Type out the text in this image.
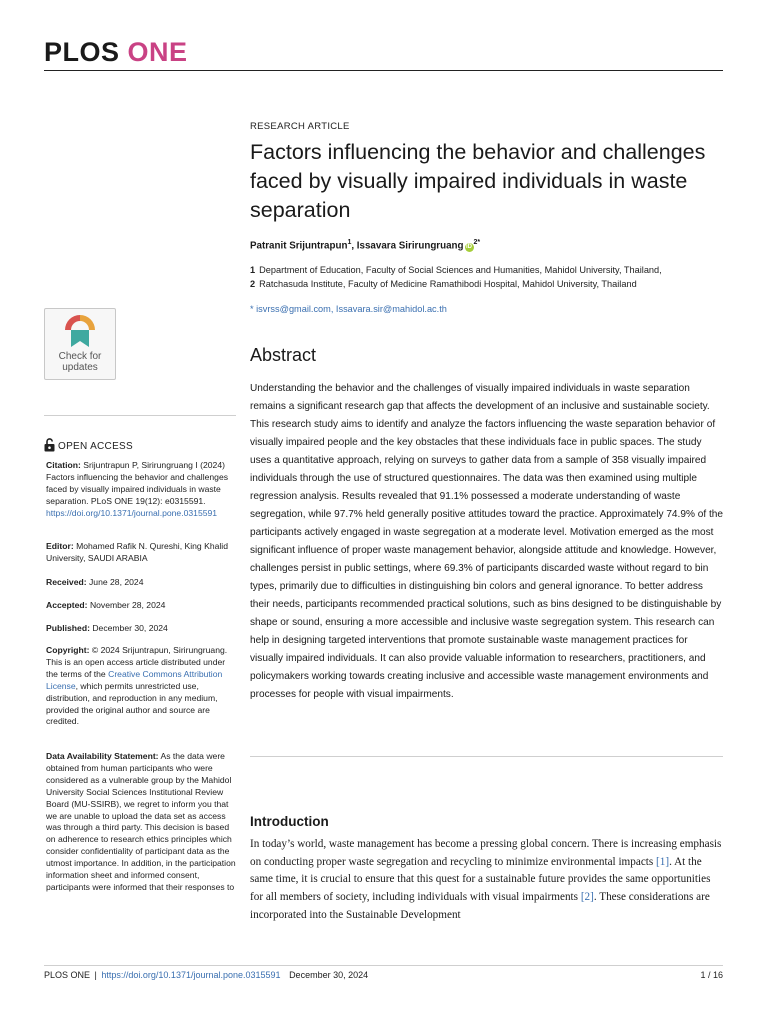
PLOS ONE
Check for
updates
OPEN ACCESS
Citation: Srijuntrapun P, Sirirungruang I (2024) Factors influencing the behavior and challenges faced by visually impaired individuals in waste separation. PLoS ONE 19(12): e0315591. https://doi.org/10.1371/journal.pone.0315591
Editor: Mohamed Rafik N. Qureshi, King Khalid University, SAUDI ARABIA
Received: June 28, 2024
Accepted: November 28, 2024
Published: December 30, 2024
Copyright: © 2024 Srijuntrapun, Sirirungruang. This is an open access article distributed under the terms of the Creative Commons Attribution License, which permits unrestricted use, distribution, and reproduction in any medium, provided the original author and source are credited.
Data Availability Statement: As the data were obtained from human participants who were considered as a vulnerable group by the Mahidol University Social Sciences Institutional Review Board (MU-SSIRB), we regret to inform you that we are unable to upload the data set as access was through a third party. This decision is based on adherence to research ethics principles which consider confidentiality of participant data as the utmost importance. In addition, in the participation information sheet and informed consent, participants were informed that their responses to
RESEARCH ARTICLE
Factors influencing the behavior and challenges faced by visually impaired individuals in waste separation
Patranit Srijuntrapun$^1$, Issavara Sirirungruang $iD^{2*}$
1 Department of Education, Faculty of Social Sciences and Humanities, Mahidol University, Thailand,
2 Ratchasuda Institute, Faculty of Medicine Ramathibodi Hospital, Mahidol University, Thailand
* isvrss@gmail.com, Issavara.sir@mahidol.ac.th
Abstract

Understanding the behavior and the challenges of visually impaired individuals in waste separation remains a significant research gap that affects the development of an inclusive and sustainable society. This research study aims to identify and analyze the factors influencing the waste separation behavior of visually impaired people and the key obstacles that these individuals face in public spaces. The study uses a quantitative approach, relying on surveys to gather data from a sample of 358 visually impaired individuals through the use of structured questionnaires. The data was then examined using multiple regression analysis. Results revealed that 91.1% possessed a moderate understanding of waste segregation, while 97.7% held generally positive attitudes toward the practice. Approximately 74.9% of the participants actively engaged in waste segregation at a moderate level. Motivation emerged as the most significant influence of proper waste management behavior, alongside attitude and knowledge. However, challenges persist in public settings, where 69.3% of participants discarded waste without regard to bin types, primarily due to difficulties in distinguishing bin colors and general ignorance. To better address their needs, participants recommended practical solutions, such as bins designed to be distinguishable by shape or sound, ensuring a more accessible and inclusive waste segregation system. This research can help in designing targeted interventions that promote sustainable waste management practices for visually impaired individuals. It can also provide valuable information to researchers, practitioners, and policymakers working towards creating inclusive and accessible waste management environments and processes for people with visual impairments.

Introduction

In today’s world, waste management has become a pressing global concern. There is increasing emphasis on conducting proper waste segregation and recycling to minimize environmental impacts [1]. At the same time, it is crucial to ensure that this quest for a sustainable future provides the same opportunities for all members of society, including individuals with visual impairments [2]. These considerations are incorporated into the Sustainable Development

PLOS ONE | https://doi.org/10.1371/journal.pone.0315591 December 30, 2024	1 / 16
